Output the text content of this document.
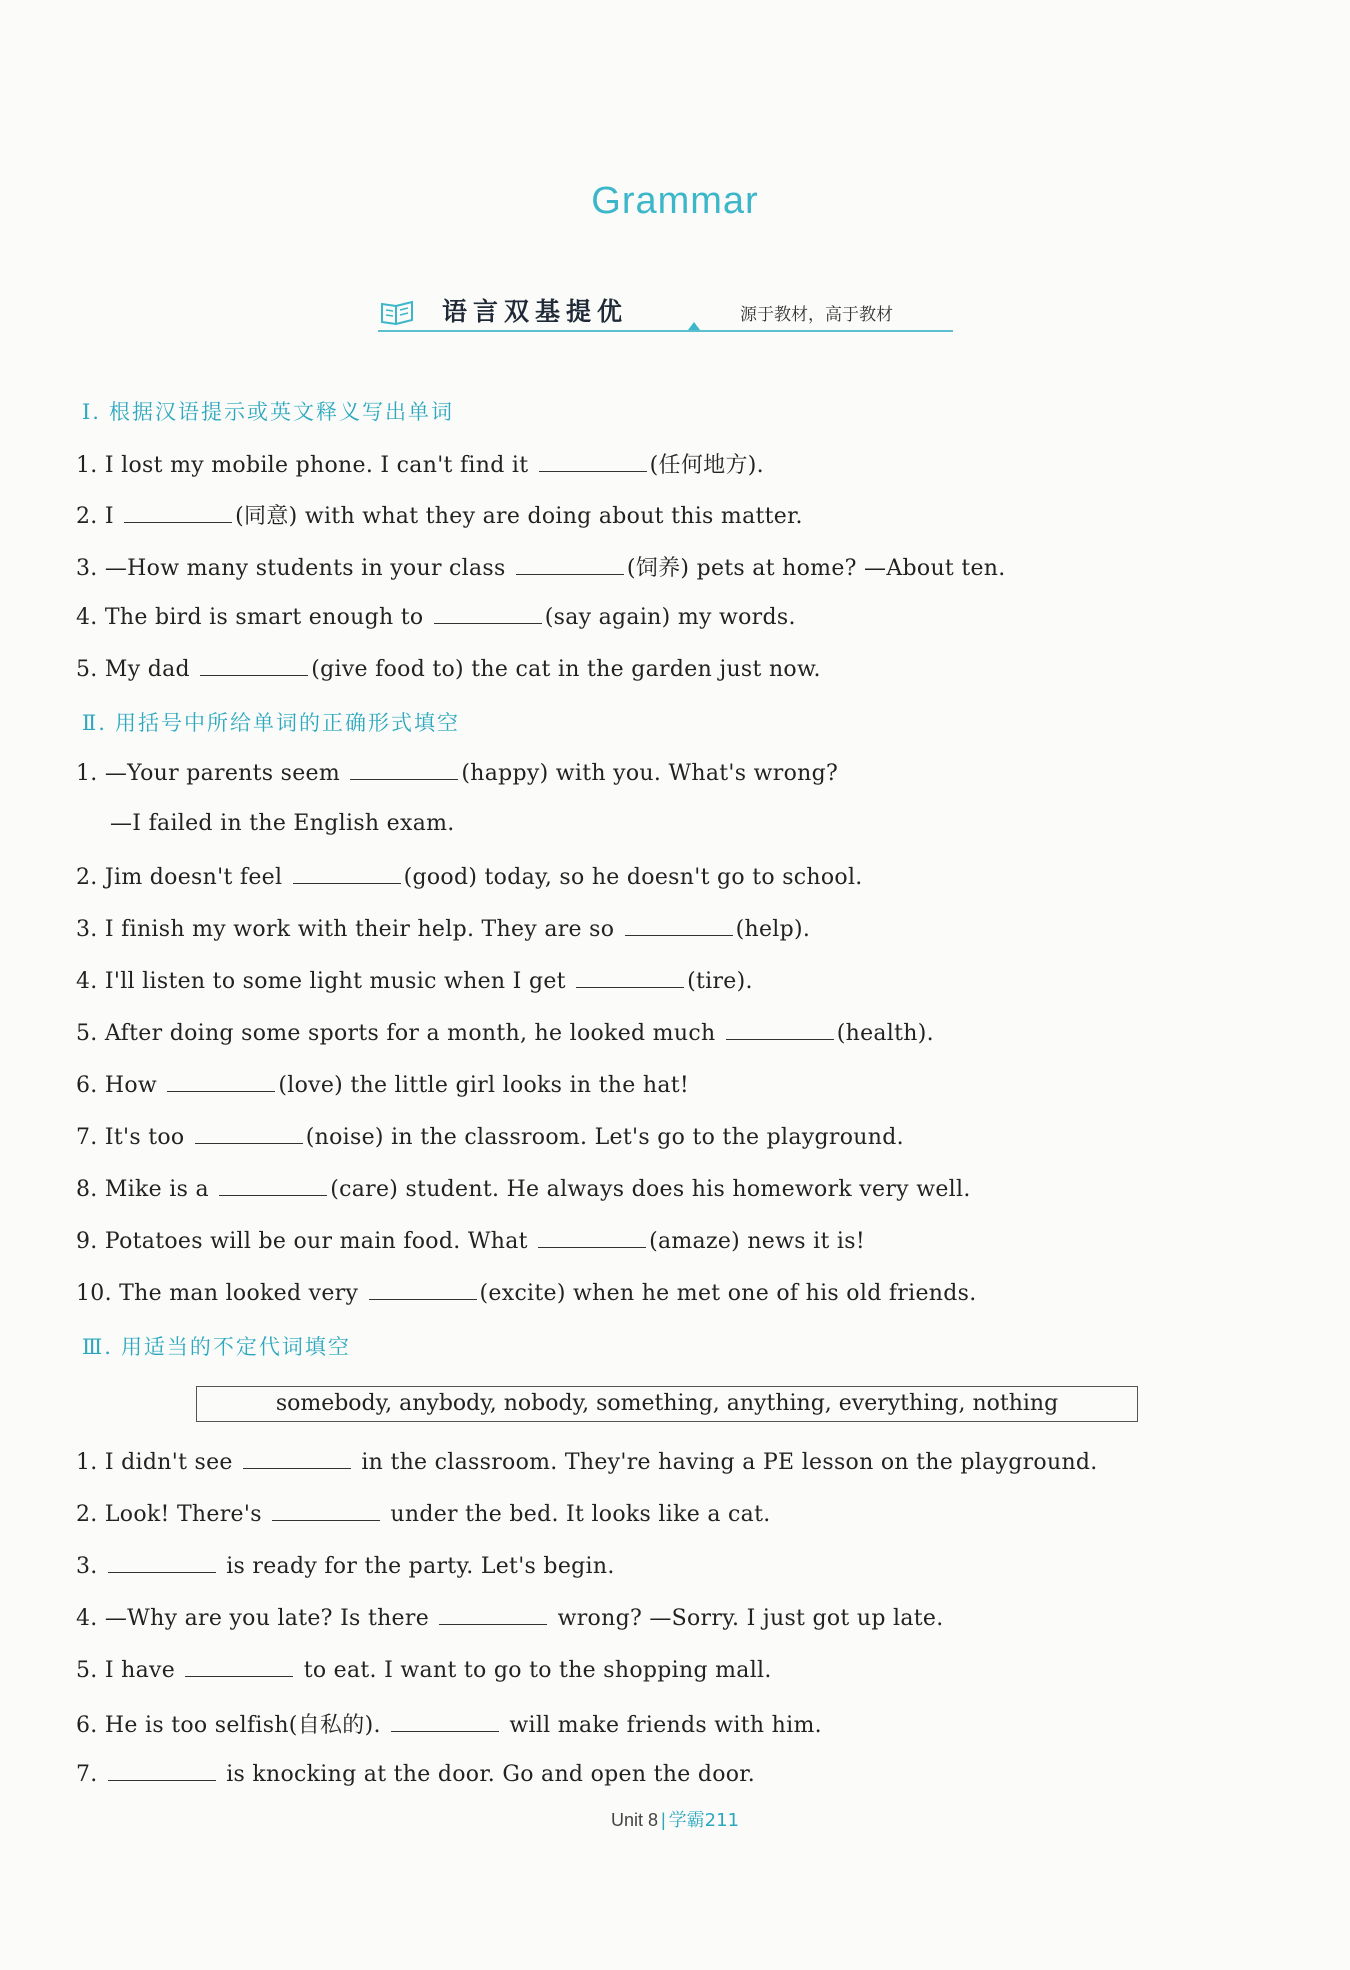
Grammar
语言双基提优	源于教材，高于教材
Ⅰ. 根据汉语提示或英文释义写出单词
1. I lost my mobile phone. I can't find it	(任何地方).
2. I	(同意) with what they are doing about this matter.
3. —How many students in your class	(饲养) pets at home? —About ten.
4. The bird is smart enough to	(say again) my words.
5. My dad	(give food to) the cat in the garden just now.
Ⅱ. 用括号中所给单词的正确形式填空
1. —Your parents seem	(happy) with you. What's wrong?
—I failed in the English exam.
2. Jim doesn't feel	(good) today, so he doesn't go to school.
3. I finish my work with their help. They are so	(help).
4. I'll listen to some light music when I get	(tire).
5. After doing some sports for a month, he looked much	(health).
6. How	(love) the little girl looks in the hat!
7. It's too	(noise) in the classroom. Let's go to the playground.
8. Mike is a	(care) student. He always does his homework very well.
9. Potatoes will be our main food. What	(amaze) news it is!
10. The man looked very	(excite) when he met one of his old friends.
Ⅲ. 用适当的不定代词填空
somebody, anybody, nobody, something, anything, everything, nothing
1. I didn't see	in the classroom. They're having a PE lesson on the playground.
2. Look! There's	under the bed. It looks like a cat.
3.	is ready for the party. Let's begin.
4. —Why are you late? Is there	wrong? —Sorry. I just got up late.
5. I have	to eat. I want to go to the shopping mall.
6. He is too selfish(自私的).	will make friends with him.
7.	is knocking at the door. Go and open the door.
Unit 8 | 学霸211
